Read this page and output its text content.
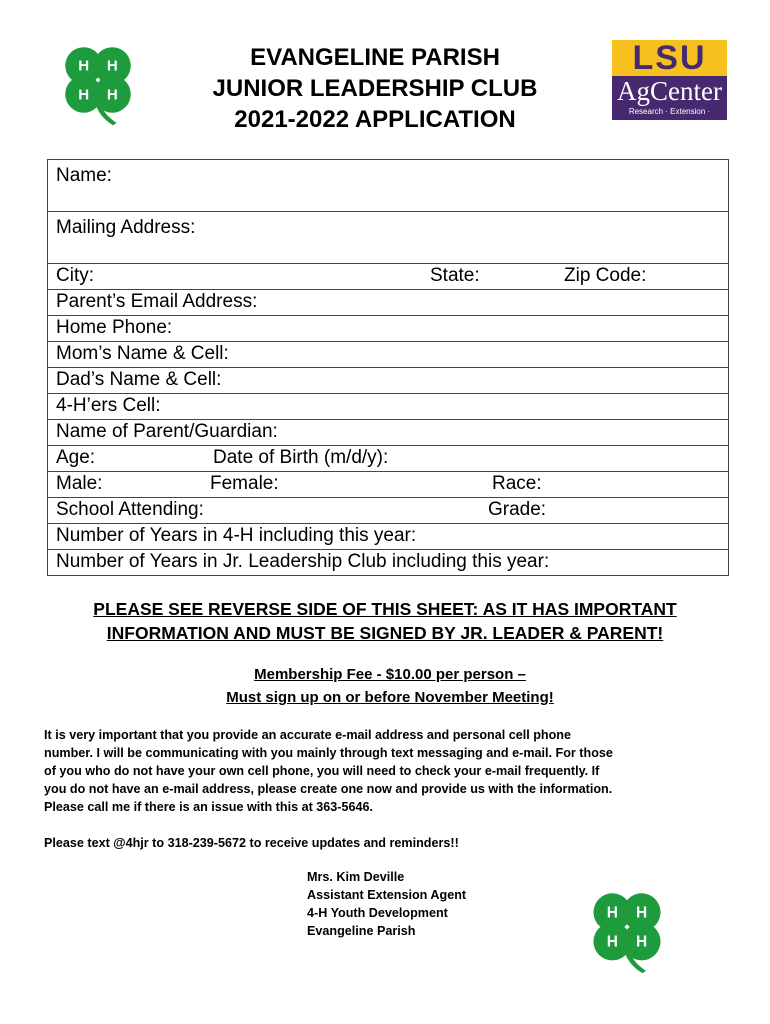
H H
H H
EVANGELINE PARISH
JUNIOR LEADERSHIP CLUB
2021-2022 APPLICATION
LSU
AgCenter
Research · Extension · Teaching
Name:
Mailing Address:
City:	State:	Zip Code:

Parent’s Email Address:
Home Phone:
Mom’s Name & Cell:
Dad’s Name & Cell:
4-H’ers Cell:
Name of Parent/Guardian:
Age:	Date of Birth (m/d/y):

Male:	Female:	Race:

School Attending:	Grade:

Number of Years in 4-H including this year:
Number of Years in Jr. Leadership Club including this year:
PLEASE SEE REVERSE SIDE OF THIS SHEET: AS IT HAS IMPORTANT
INFORMATION AND MUST BE SIGNED BY JR. LEADER & PARENT!
Membership Fee - $10.00 per person –
Must sign up on or before November Meeting!
It is very important that you provide an accurate e-mail address and personal cell phone
number. I will be communicating with you mainly through text messaging and e-mail. For those
of you who do not have your own cell phone, you will need to check your e-mail frequently. If
you do not have an e-mail address, please create one now and provide us with the information.
Please call me if there is an issue with this at 363-5646.
Please text @4hjr to 318-239-5672 to receive updates and reminders!!
Mrs. Kim Deville
Assistant Extension Agent
4-H Youth Development
Evangeline Parish
H H
H H
